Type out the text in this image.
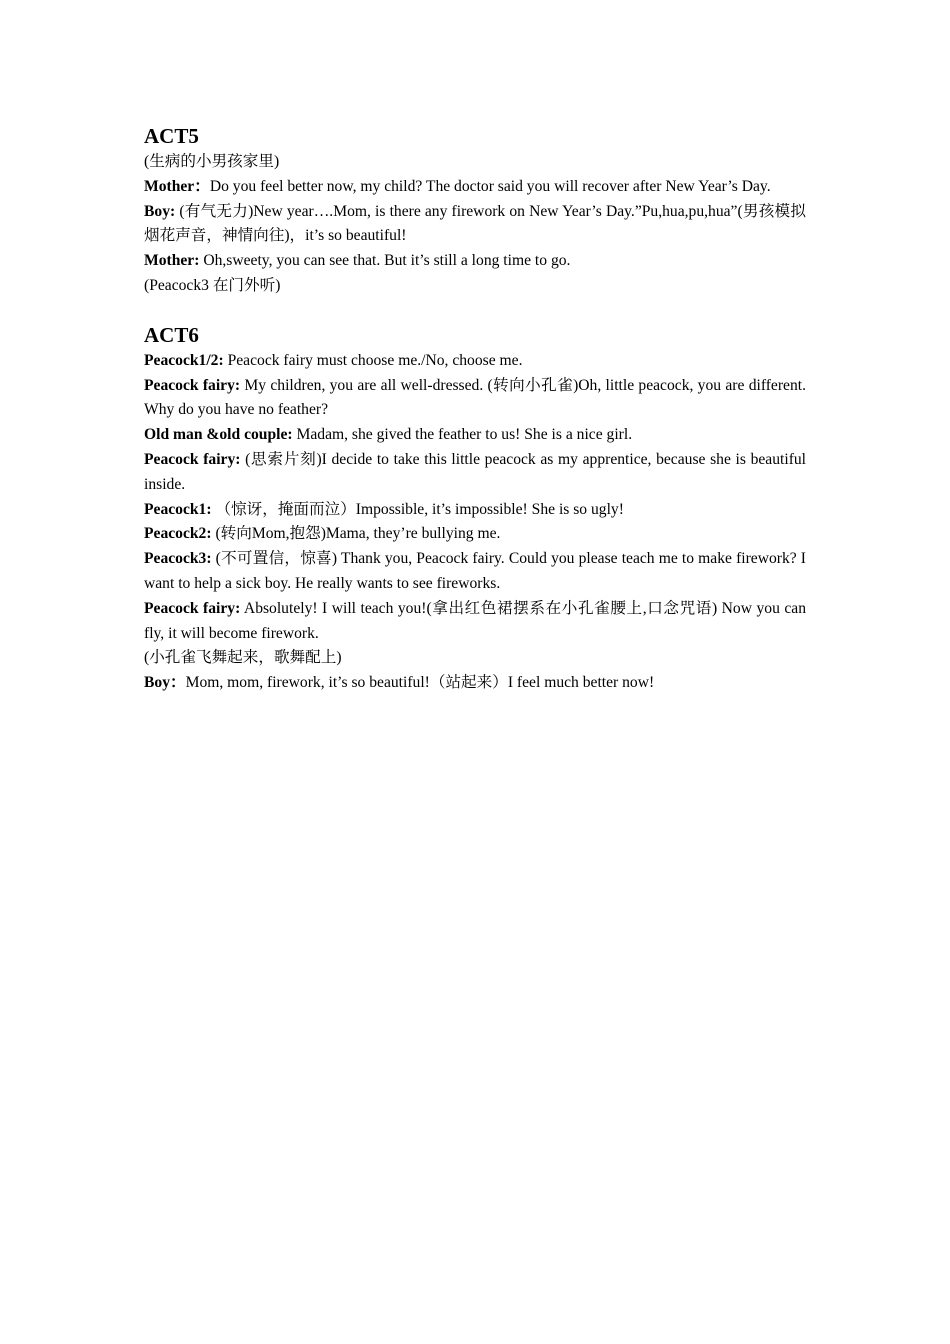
ACT5

(生病的小男孩家里)

Mother：Do you feel better now, my child? The doctor said you will recover after New Year’s Day.

Boy: (有气无力)New year….Mom, is there any firework on New Year’s Day.”Pu,hua,pu,hua”(男孩模拟烟花声音，神情向往)，it’s so beautiful!

Mother: Oh,sweety, you can see that. But it’s still a long time to go.

(Peacock3 在门外听)

ACT6

Peacock1/2: Peacock fairy must choose me./No, choose me.

Peacock fairy: My children, you are all well-dressed. (转向小孔雀)Oh, little peacock, you are different. Why do you have no feather?

Old man &old couple: Madam, she gived the feather to us! She is a nice girl.

Peacock fairy: (思索片刻)I decide to take this little peacock as my apprentice, because she is beautiful inside.

Peacock1: （惊讶，掩面而泣）Impossible, it’s impossible! She is so ugly!

Peacock2: (转向Mom,抱怨)Mama, they’re bullying me.

Peacock3: (不可置信，惊喜) Thank you, Peacock fairy. Could you please teach me to make firework? I want to help a sick boy. He really wants to see fireworks.

Peacock fairy: Absolutely! I will teach you!(拿出红色裙摆系在小孔雀腰上,口念咒语) Now you can fly, it will become firework.

(小孔雀飞舞起来，歌舞配上)

Boy：Mom, mom, firework, it’s so beautiful!（站起来）I feel much better now!
